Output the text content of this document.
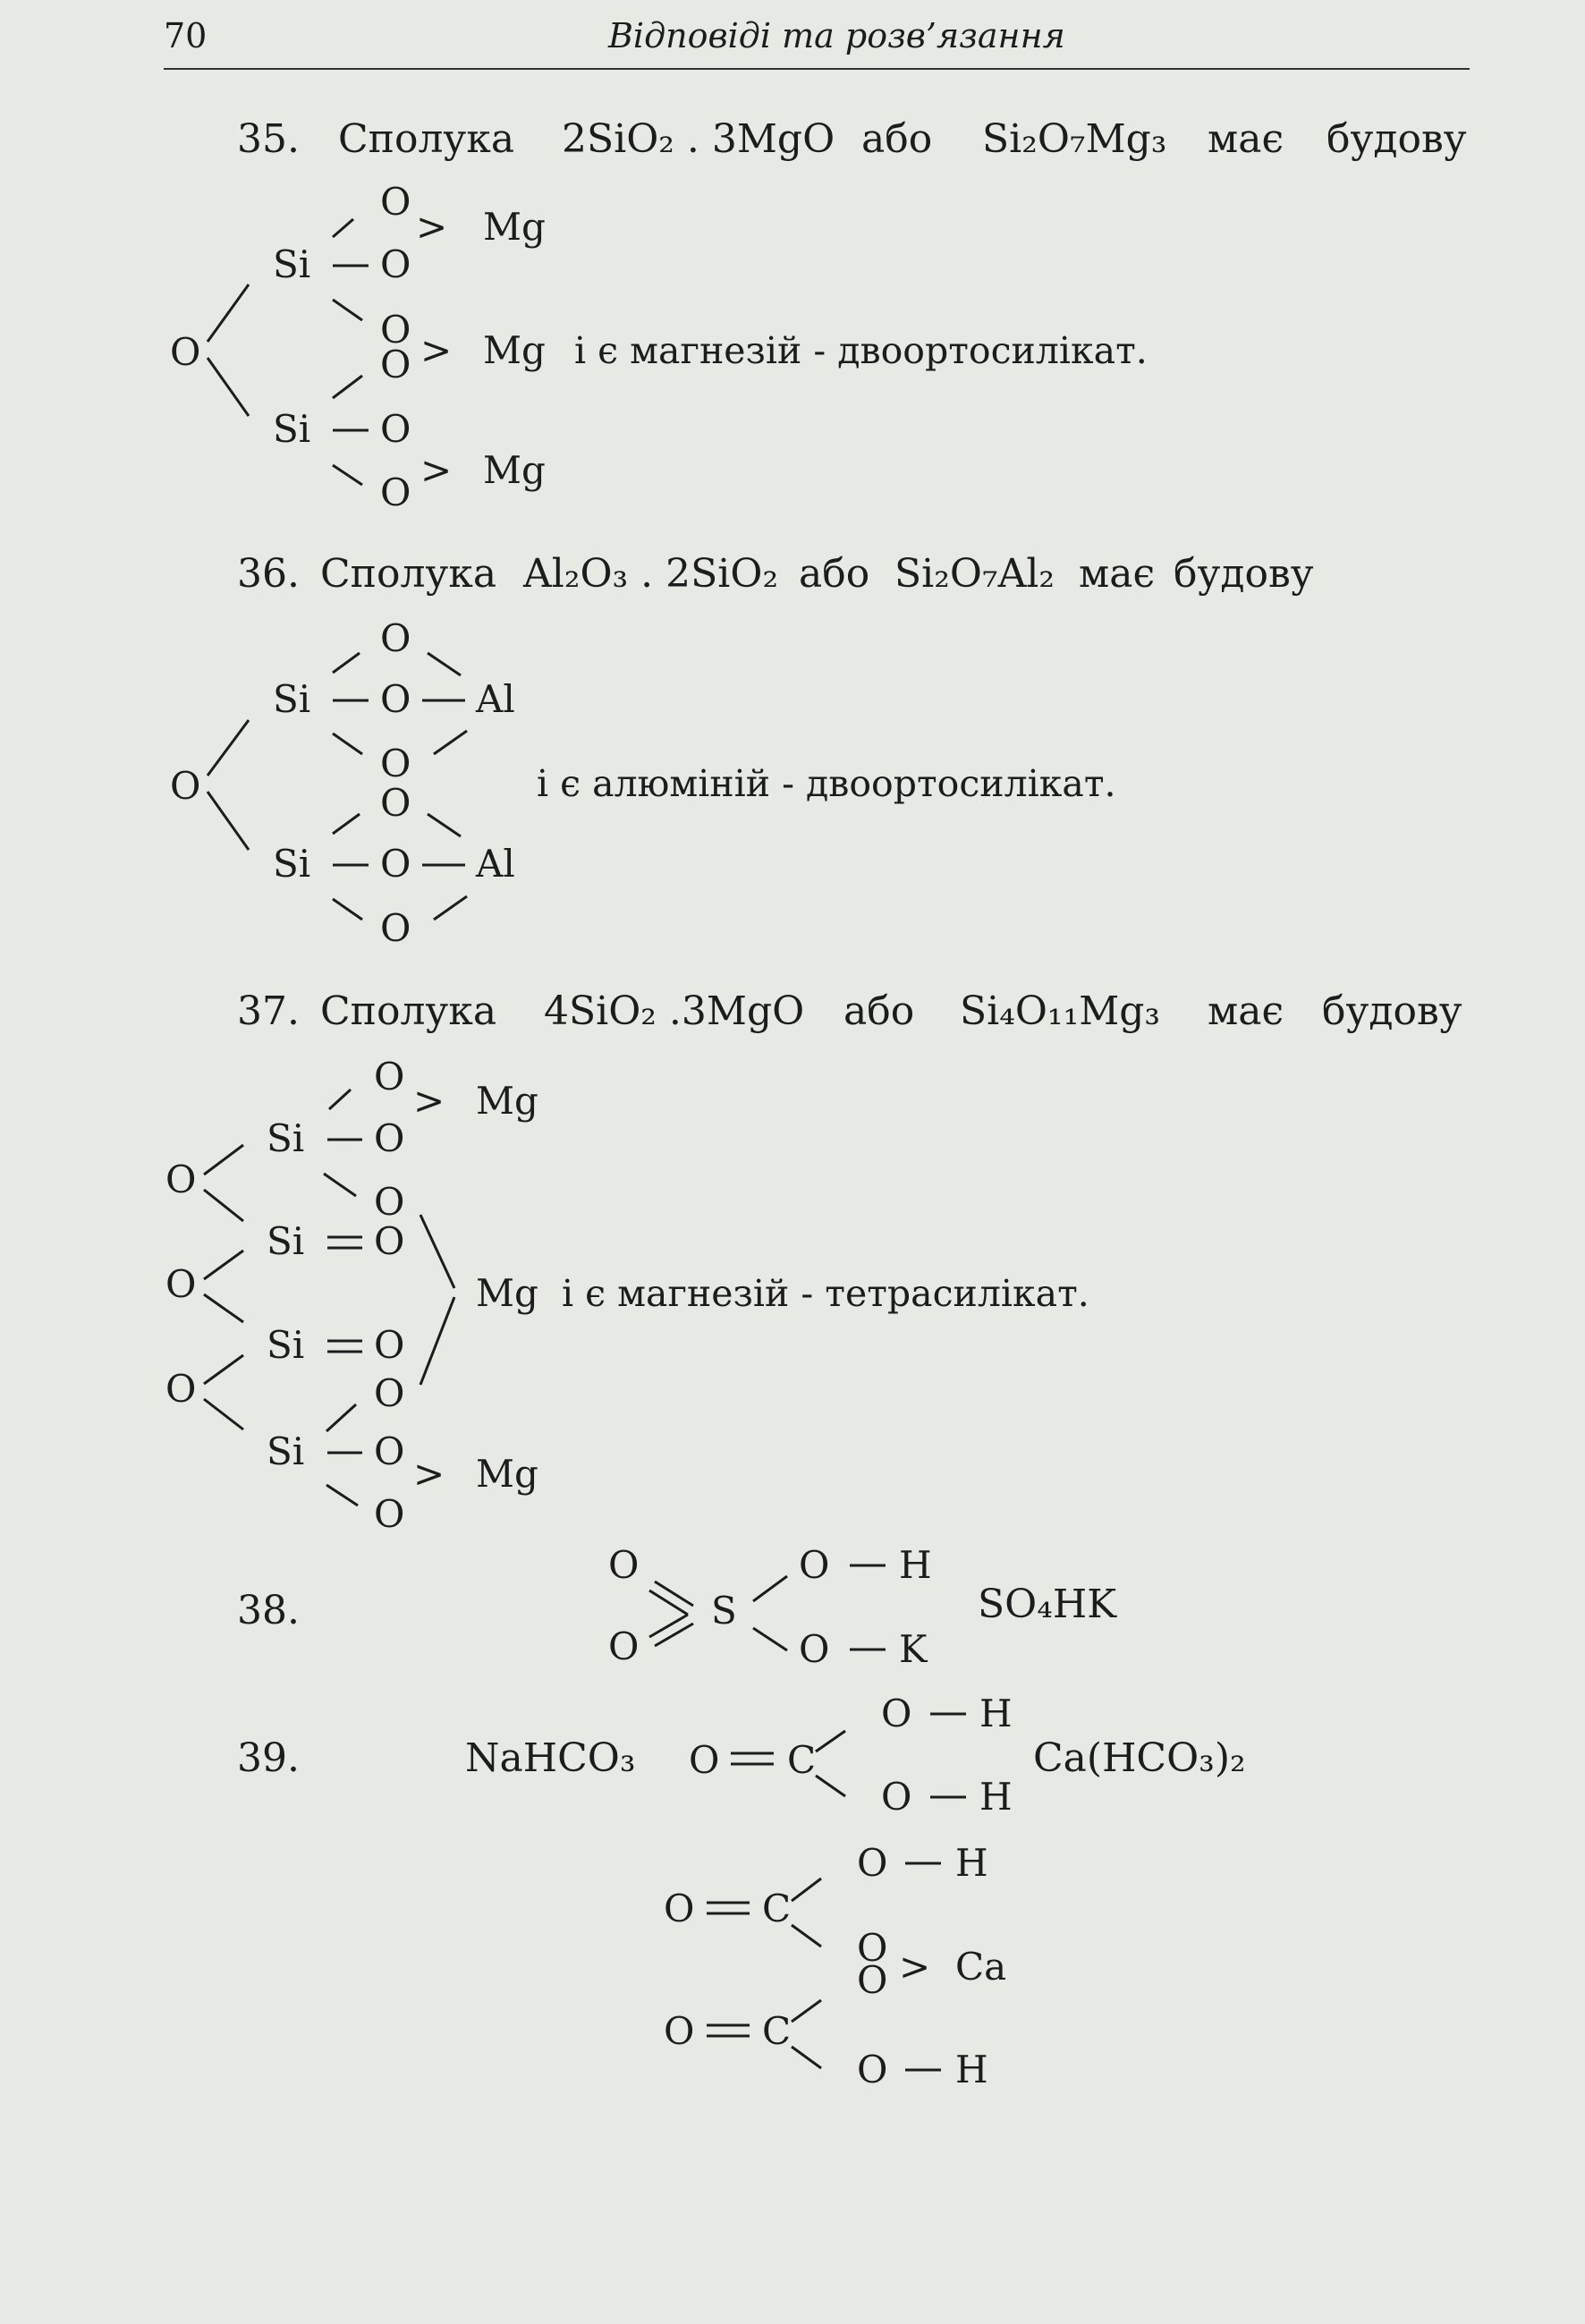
70	Відповіді та розв’язання
35. Сполука 2SiO₂ . 3MgO або Si₂O₇Mg₃ має будову
і є магнезій - двоортосилікат.
36. Сполука Al₂O₃ . 2SiO₂ або Si₂O₇Al₂ має будову
і є алюміній - двоортосилікат.
37. Сполука 4SiO₂ .3MgO або Si₄O₁₁Mg₃ має будову
і є магнезій - тетрасилікат.
38.	SO₄HK
39.	NaHCO₃	Ca(HCO₃)₂
O
> Mg
Si O
O
O > Mg
Si O
O
> Mg
O
O
Si O Al
O
O
Si O Al
O
O
O
> Mg
Si O
O
Si O
Si O
O
Si O
> Mg
O
Mg
O
O
O
O
O
S
O H
O K
O C
O H
O H
O C
O H
O
O > Ca
O C
O H
